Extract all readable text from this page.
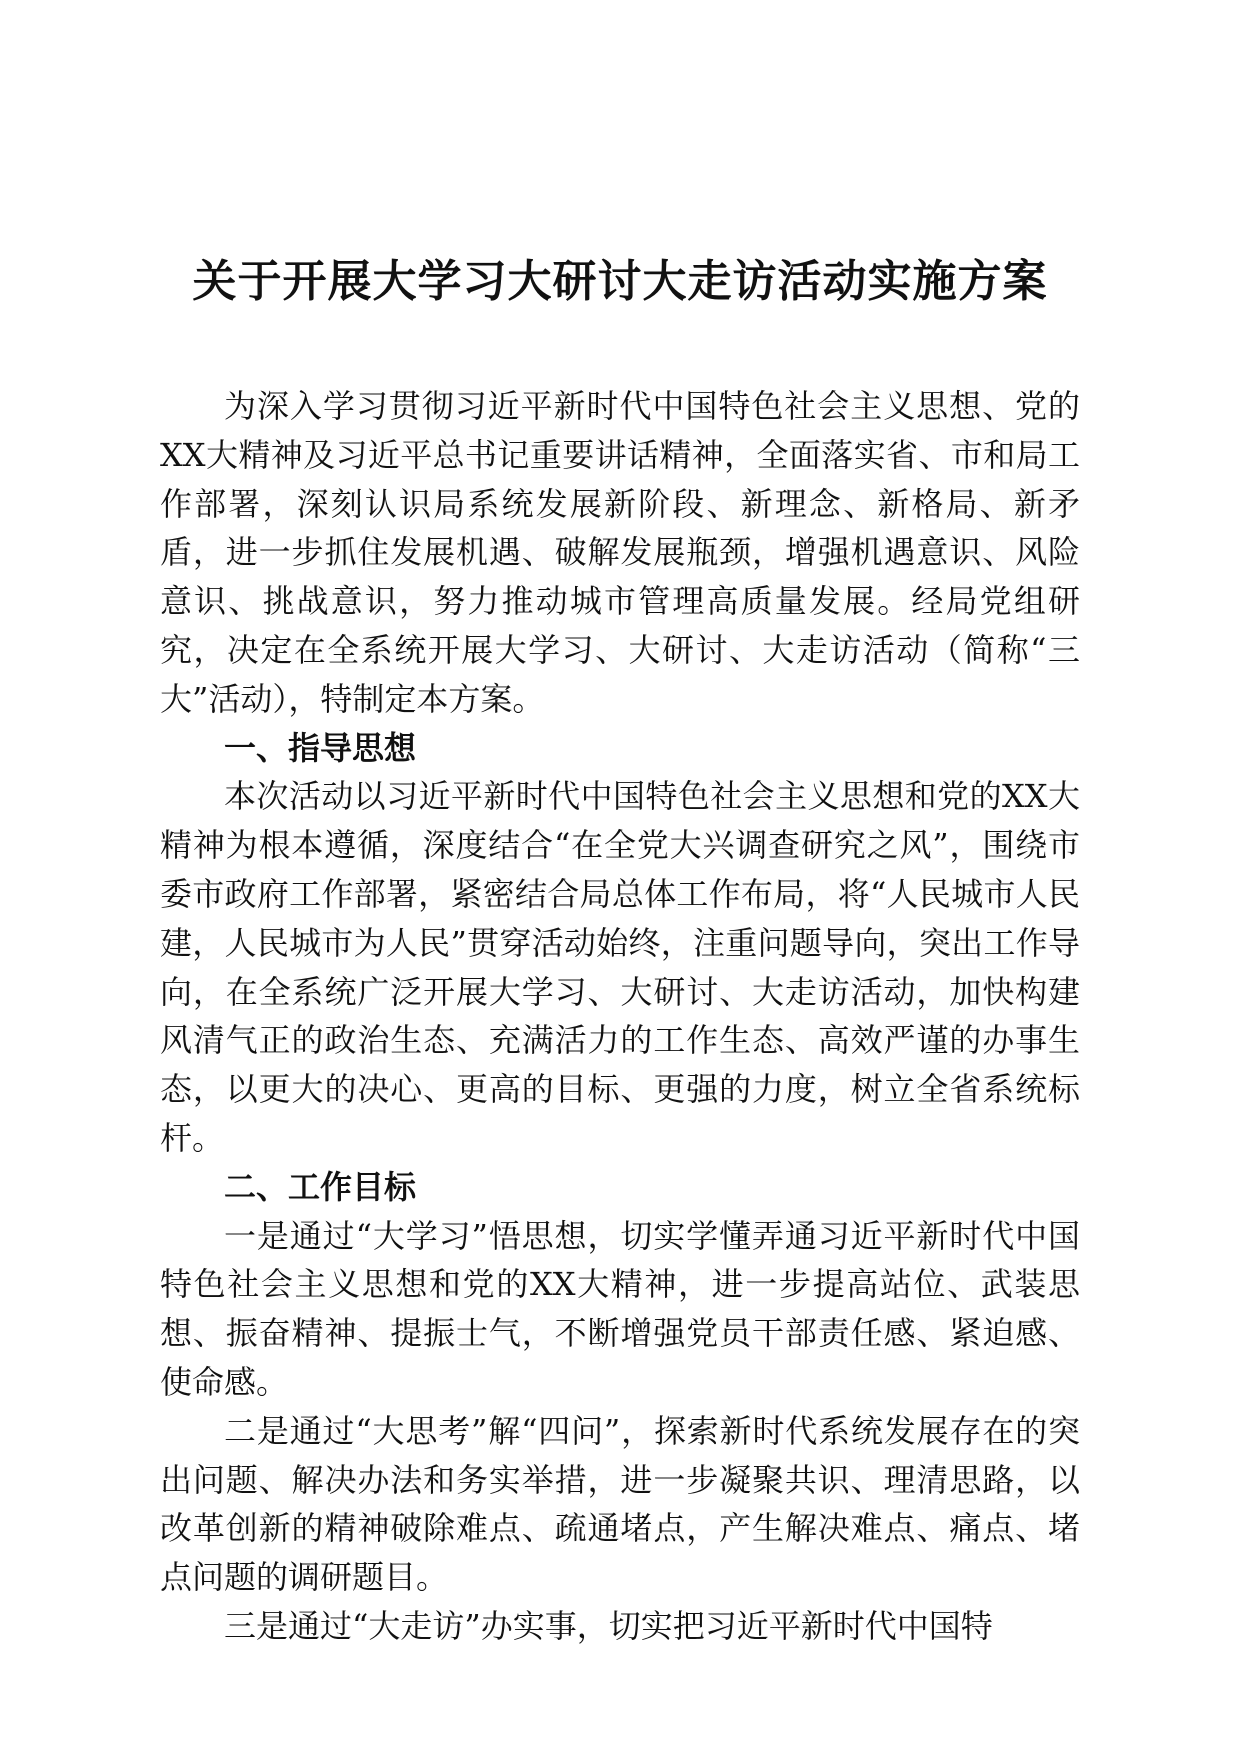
关于开展大学习大研讨大走访活动实施方案

为深入学习贯彻习近平新时代中国特色社会主义思想、党的XX大精神及习近平总书记重要讲话精神，全面落实省、市和局工作部署，深刻认识局系统发展新阶段、新理念、新格局、新矛盾，进一步抓住发展机遇、破解发展瓶颈，增强机遇意识、风险意识、挑战意识，努力推动城市管理高质量发展。经局党组研究，决定在全系统开展大学习、大研讨、大走访活动（简称“三大”活动），特制定本方案。

一、指导思想

本次活动以习近平新时代中国特色社会主义思想和党的XX大精神为根本遵循，深度结合“在全党大兴调查研究之风”，围绕市委市政府工作部署，紧密结合局总体工作布局，将“人民城市人民建，人民城市为人民”贯穿活动始终，注重问题导向，突出工作导向，在全系统广泛开展大学习、大研讨、大走访活动，加快构建风清气正的政治生态、充满活力的工作生态、高效严谨的办事生态，以更大的决心、更高的目标、更强的力度，树立全省系统标杆。

二、工作目标

一是通过“大学习”悟思想，切实学懂弄通习近平新时代中国特色社会主义思想和党的XX大精神，进一步提高站位、武装思想、振奋精神、提振士气，不断增强党员干部责任感、紧迫感、使命感。

二是通过“大思考”解“四问”，探索新时代系统发展存在的突出问题、解决办法和务实举措，进一步凝聚共识、理清思路，以改革创新的精神破除难点、疏通堵点，产生解决难点、痛点、堵点问题的调研题目。

三是通过“大走访”办实事，切实把习近平新时代中国特
